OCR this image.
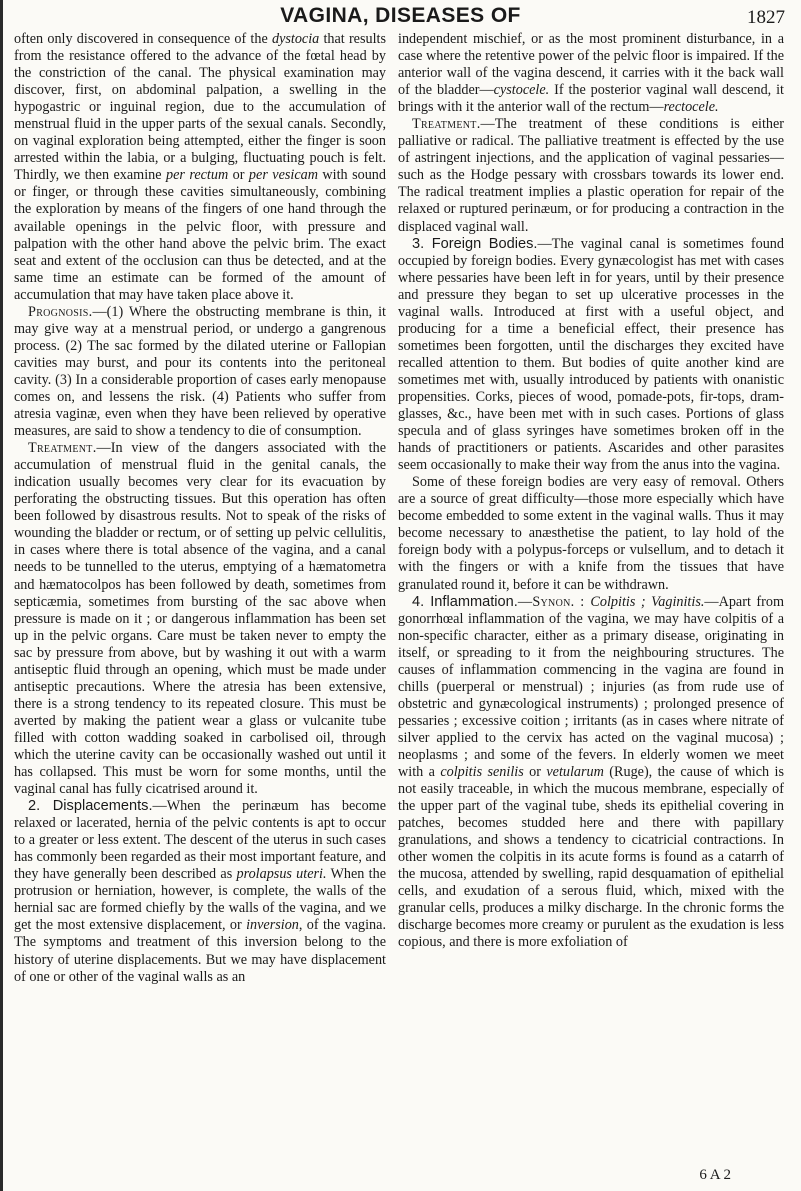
VAGINA, DISEASES OF	1827

often only discovered in consequence of the dystocia that results from the resistance offered to the advance of the fœtal head by the constriction of the canal. The physical examination may discover, first, on abdominal palpation, a swelling in the hypogastric or inguinal region, due to the accumulation of menstrual fluid in the upper parts of the sexual canals. Secondly, on vaginal exploration being attempted, either the finger is soon arrested within the labia, or a bulging, fluctuating pouch is felt. Thirdly, we then examine per rectum or per vesicam with sound or finger, or through these cavities simultaneously, combining the exploration by means of the fingers of one hand through the available openings in the pelvic floor, with pressure and palpation with the other hand above the pelvic brim. The exact seat and extent of the occlusion can thus be detected, and at the same time an estimate can be formed of the amount of accumulation that may have taken place above it.

Prognosis.—(1) Where the obstructing membrane is thin, it may give way at a menstrual period, or undergo a gangrenous process. (2) The sac formed by the dilated uterine or Fallopian cavities may burst, and pour its contents into the peritoneal cavity. (3) In a considerable proportion of cases early menopause comes on, and lessens the risk. (4) Patients who suffer from atresia vaginæ, even when they have been relieved by operative measures, are said to show a tendency to die of consumption.

Treatment.—In view of the dangers associated with the accumulation of menstrual fluid in the genital canals, the indication usually becomes very clear for its evacuation by perforating the obstructing tissues. But this operation has often been followed by disastrous results. Not to speak of the risks of wounding the bladder or rectum, or of setting up pelvic cellulitis, in cases where there is total absence of the vagina, and a canal needs to be tunnelled to the uterus, emptying of a hæmatometra and hæmatocolpos has been followed by death, sometimes from septicæmia, sometimes from bursting of the sac above when pressure is made on it ; or dangerous inflammation has been set up in the pelvic organs. Care must be taken never to empty the sac by pressure from above, but by washing it out with a warm antiseptic fluid through an opening, which must be made under antiseptic precautions. Where the atresia has been extensive, there is a strong tendency to its repeated closure. This must be averted by making the patient wear a glass or vulcanite tube filled with cotton wadding soaked in carbolised oil, through which the uterine cavity can be occasionally washed out until it has collapsed. This must be worn for some months, until the vaginal canal has fully cicatrised around it.

2. Displacements.—When the perinæum has become relaxed or lacerated, hernia of the pelvic contents is apt to occur to a greater or less extent. The descent of the uterus in such cases has commonly been regarded as their most important feature, and they have generally been described as prolapsus uteri. When the protrusion or herniation, however, is complete, the walls of the hernial sac are formed chiefly by the walls of the vagina, and we get the most extensive displacement, or inversion, of the vagina. The symptoms and treatment of this inversion belong to the history of uterine displacements. But we may have displacement of one or other of the vaginal walls as an

independent mischief, or as the most prominent disturbance, in a case where the retentive power of the pelvic floor is impaired. If the anterior wall of the vagina descend, it carries with it the back wall of the bladder—cystocele. If the posterior vaginal wall descend, it brings with it the anterior wall of the rectum—rectocele.

Treatment.—The treatment of these conditions is either palliative or radical. The palliative treatment is effected by the use of astringent injections, and the application of vaginal pessaries—such as the Hodge pessary with crossbars towards its lower end. The radical treatment implies a plastic operation for repair of the relaxed or ruptured perinæum, or for producing a contraction in the displaced vaginal wall.

3. Foreign Bodies.—The vaginal canal is sometimes found occupied by foreign bodies. Every gynæcologist has met with cases where pessaries have been left in for years, until by their presence and pressure they began to set up ulcerative processes in the vaginal walls. Introduced at first with a useful object, and producing for a time a beneficial effect, their presence has sometimes been forgotten, until the discharges they excited have recalled attention to them. But bodies of quite another kind are sometimes met with, usually introduced by patients with onanistic propensities. Corks, pieces of wood, pomade-pots, fir-tops, dram-glasses, &c., have been met with in such cases. Portions of glass specula and of glass syringes have sometimes broken off in the hands of practitioners or patients. Ascarides and other parasites seem occasionally to make their way from the anus into the vagina.

Some of these foreign bodies are very easy of removal. Others are a source of great difficulty—those more especially which have become embedded to some extent in the vaginal walls. Thus it may become necessary to anæsthetise the patient, to lay hold of the foreign body with a polypus-forceps or vulsellum, and to detach it with the fingers or with a knife from the tissues that have granulated round it, before it can be withdrawn.

4. Inflammation.—Synon. : Colpitis ; Vaginitis.—Apart from gonorrhœal inflammation of the vagina, we may have colpitis of a non-specific character, either as a primary disease, originating in itself, or spreading to it from the neighbouring structures. The causes of inflammation commencing in the vagina are found in chills (puerperal or menstrual) ; injuries (as from rude use of obstetric and gynæcological instruments) ; prolonged presence of pessaries ; excessive coition ; irritants (as in cases where nitrate of silver applied to the cervix has acted on the vaginal mucosa) ; neoplasms ; and some of the fevers. In elderly women we meet with a colpitis senilis or vetularum (Ruge), the cause of which is not easily traceable, in which the mucous membrane, especially of the upper part of the vaginal tube, sheds its epithelial covering in patches, becomes studded here and there with papillary granulations, and shows a tendency to cicatricial contractions. In other women the colpitis in its acute forms is found as a catarrh of the mucosa, attended by swelling, rapid desquamation of epithelial cells, and exudation of a serous fluid, which, mixed with the granular cells, produces a milky discharge. In the chronic forms the discharge becomes more creamy or purulent as the exudation is less copious, and there is more exfoliation of

6 A 2
